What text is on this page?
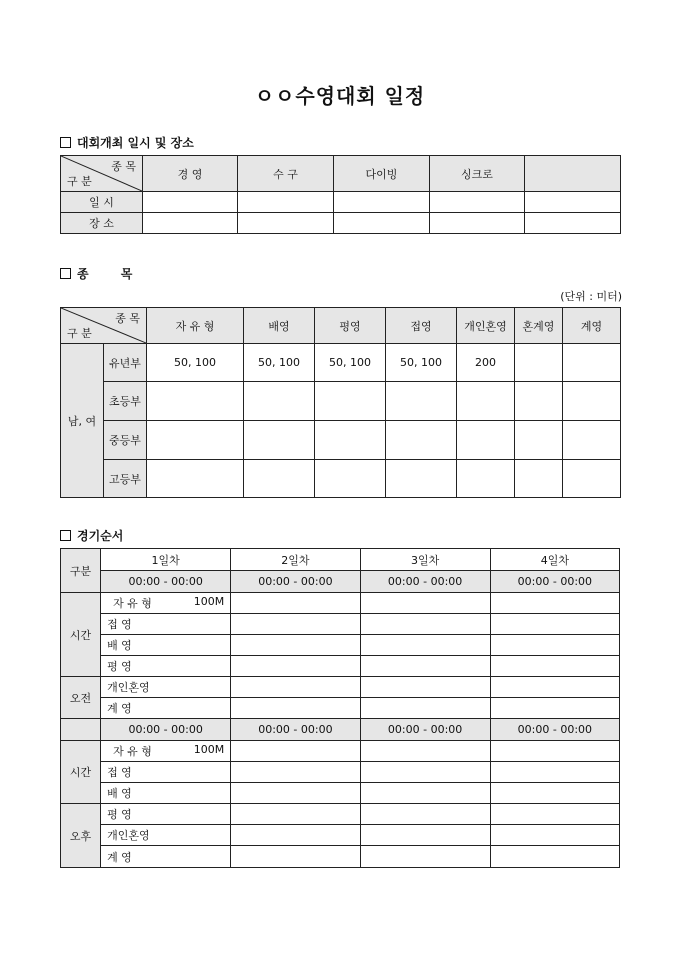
ㅇㅇ수영대회 일정
대회개최 일시 및 장소
종 목
구 분	경 영	수 구	다이빙	싱크로	
일 시					
장 소					
종 목
(단위 : 미터)
종 목
구 분		자 유 형	배영	평영	접영	개인혼영	혼계영	계영
남, 여	유년부	50, 100	50, 100	50, 100	50, 100	200		
	초등부							
	중등부							
	고등부							
경기순서
구분	1일차	2일차	3일차	4일차
	00:00 - 00:00	00:00 - 00:00	00:00 - 00:00	00:00 - 00:00
시간	자 유 형 100M			

	접 영			
	배 영			
	평 영			
오전	개인혼영			
	계 영			
	00:00 - 00:00	00:00 - 00:00	00:00 - 00:00	00:00 - 00:00
시간	자 유 형 100M			

	접 영			
	배 영			
오후	평 영			
	개인혼영			
	계 영			
